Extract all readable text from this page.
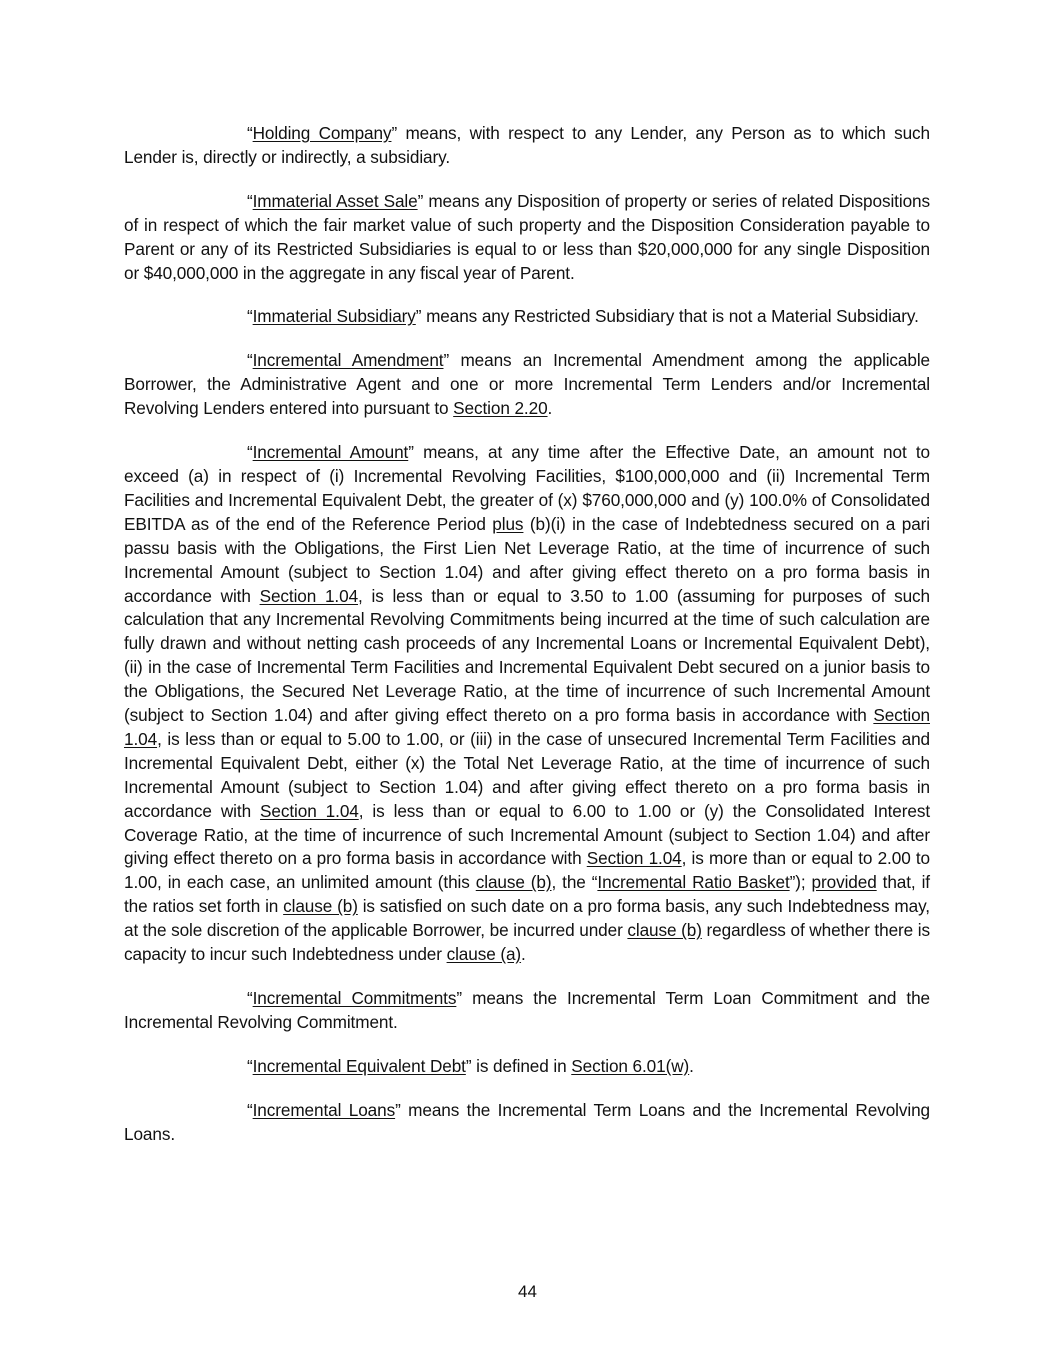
“Holding Company” means, with respect to any Lender, any Person as to which such Lender is, directly or indirectly, a subsidiary.

“Immaterial Asset Sale” means any Disposition of property or series of related Dispositions of in respect of which the fair market value of such property and the Disposition Consideration payable to Parent or any of its Restricted Subsidiaries is equal to or less than $20,000,000 for any single Disposition or $40,000,000 in the aggregate in any fiscal year of Parent.

“Immaterial Subsidiary” means any Restricted Subsidiary that is not a Material Subsidiary.

“Incremental Amendment” means an Incremental Amendment among the applicable Borrower, the Administrative Agent and one or more Incremental Term Lenders and/or Incremental Revolving Lenders entered into pursuant to Section 2.20.

“Incremental Amount” means, at any time after the Effective Date, an amount not to exceed (a) in respect of (i) Incremental Revolving Facilities, $100,000,000 and (ii) Incremental Term Facilities and Incremental Equivalent Debt, the greater of (x) $760,000,000 and (y) 100.0% of Consolidated EBITDA as of the end of the Reference Period plus (b)(i) in the case of Indebtedness secured on a pari passu basis with the Obligations, the First Lien Net Leverage Ratio, at the time of incurrence of such Incremental Amount (subject to Section 1.04) and after giving effect thereto on a pro forma basis in accordance with Section 1.04, is less than or equal to 3.50 to 1.00 (assuming for purposes of such calculation that any Incremental Revolving Commitments being incurred at the time of such calculation are fully drawn and without netting cash proceeds of any Incremental Loans or Incremental Equivalent Debt), (ii) in the case of Incremental Term Facilities and Incremental Equivalent Debt secured on a junior basis to the Obligations, the Secured Net Leverage Ratio, at the time of incurrence of such Incremental Amount (subject to Section 1.04) and after giving effect thereto on a pro forma basis in accordance with Section 1.04, is less than or equal to 5.00 to 1.00, or (iii) in the case of unsecured Incremental Term Facilities and Incremental Equivalent Debt, either (x) the Total Net Leverage Ratio, at the time of incurrence of such Incremental Amount (subject to Section 1.04) and after giving effect thereto on a pro forma basis in accordance with Section 1.04, is less than or equal to 6.00 to 1.00 or (y) the Consolidated Interest Coverage Ratio, at the time of incurrence of such Incremental Amount (subject to Section 1.04) and after giving effect thereto on a pro forma basis in accordance with Section 1.04, is more than or equal to 2.00 to 1.00, in each case, an unlimited amount (this clause (b), the “Incremental Ratio Basket”); provided that, if the ratios set forth in clause (b) is satisfied on such date on a pro forma basis, any such Indebtedness may, at the sole discretion of the applicable Borrower, be incurred under clause (b) regardless of whether there is capacity to incur such Indebtedness under clause (a).

“Incremental Commitments” means the Incremental Term Loan Commitment and the Incremental Revolving Commitment.

“Incremental Equivalent Debt” is defined in Section 6.01(w).

“Incremental Loans” means the Incremental Term Loans and the Incremental Revolving Loans.

44
